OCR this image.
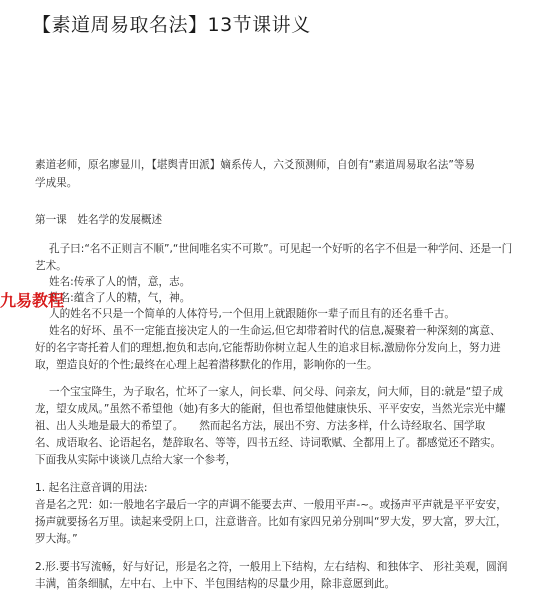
【素道周易取名法】13节课讲义
素道老师，原名廖显川，【堪舆青田派】嫡系传人，六爻预测师，自创有“素道周易取名法”等易
学成果。
第一课　姓名学的发展概述
孔子曰:“名不正则言不顺”,“世间唯名实不可欺”。可见起一个好听的名字不但是一种学问、还是一门
艺术。
姓名:传承了人的情，意，志。
姓名:蕴含了人的精，气，神。
人的姓名不只是一个简单的人体符号,一个但用上就跟随你一辈子而且有的还名垂千古。
九易教程
姓名的好坏、虽不一定能直接决定人的一生命运,但它却带着时代的信息,凝聚着一种深刻的寓意、
好的名字寄托着人们的理想,抱负和志向,它能帮助你树立起人生的追求目标,激励你分发向上，努力进
取，塑造良好的个性;最终在心理上起着潜移默化的作用，影响你的一生。
一个宝宝降生，为子取名，忙坏了一家人，问长辈、问父母、问亲友，问大师，目的:就是“望子成
龙，望女成凤。”虽然不希望他（她)有多大的能耐，但也希望他健康快乐、平平安安，当然光宗光中耀
祖、出人头地是最大的希望了。　　然而起名方法，展出不穷、方法多样，什么诗经取名、国学取
名、成语取名、论语起名，楚辞取名、等等，四书五经、诗词歌赋、全都用上了。都感觉还不踏实。
下面我从实际中谈谈几点给大家一个参考，
1. 起名注意音调的用法:
音是名之咒：如:一般地名字最后一字的声调不能要去声、一般用平声-~。或扬声平声就是平平安安，
扬声就要扬名万里。读起来受阴上口，注意谐音。比如有家四兄弟分别叫“罗大发，罗大富，罗大江，
罗大海。”
2.形.要书写流畅，好与好记，形是名之符，一般用上下结构，左右结构、和独体字、 形社美观，圆润
丰满，笛条细腻，左中右、上中下、半包围结构的尽量少用，除非意愿到此。
